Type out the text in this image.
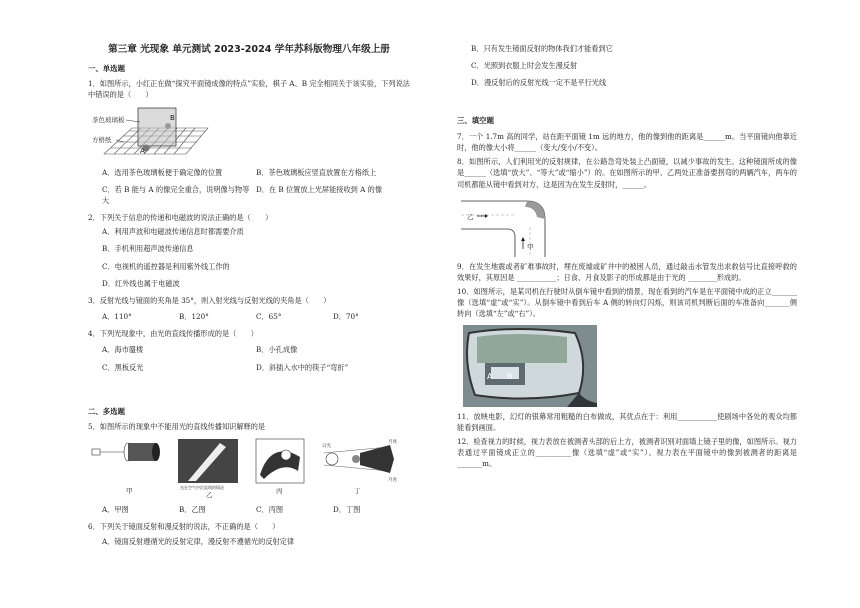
第三章 光现象 单元测试 2023-2024 学年苏科版物理八年级上册
一、单选题
1．如图所示，小红正在做“探究平面镜成像的特点”实验，棋子 A、B 完全相同关于该实验，下列说法中错误的是（　　）
A
B
茶色玻璃板
方格纸
A．选用茶色玻璃板便于确定像的位置	B．茶色玻璃板应竖直放置在方格纸上
C．若 B 能与 A 的像完全重合，说明像与物等大
D．在 B 位置放上光屏能接收到 A 的像
2．下列关于信息的传递和电磁波的说法正确的是（　　）
A．利用声波和电磁波传递信息时都需要介质
B．手机利用超声波传递信息
C．电视机的遥控器是利用紫外线工作的
D．红外线也属于电磁波
3．反射光线与镜面的夹角是 35°，则入射光线与反射光线的夹角是（　　）
A．110°	B．120°	C．65°	D．70°
4．下列光现象中，由光的直线传播形成的是（　　）
A．海市蜃楼	B．小孔成像
C．黑板反光	D．斜插入水中的筷子“弯折”
二、多选题
5．如图所示的现象中不能用光的直线传播知识解释的是
甲	光在空气中沿直线的情况
乙	丙
日光
月亮
月食
丁
A．甲图	B．乙图	C．丙图	D．丁图
6．下列关于镜面反射和漫反射的说法，不正确的是（　　）
A．镜面反射遵循光的反射定律，漫反射不遵循光的反射定律
B．只有发生镜面反射的物体我们才能看到它
C．光照到衣服上时会发生漫反射
D．漫反射后的反射光线一定不是平行光线
三、填空题
7．一个 1.7m 高的同学，站在距平面镜 1m 远的地方，他的像到他的距离是______m。当平面镜向他靠近时，他的像大小将______（变大/变小/不变）。
8．如图所示，人们利用光的反射规律，在公路急弯处装上凸面镜，以减少事故的发生。这种镜面所成的像是______（选填“放大”、“等大”或“缩小”）的。在如图所示的甲、乙两处正准备要拐弯的两辆汽车，两车的司机都能从镜中看到对方，这是因为在发生反射时，______。
乙
甲
9．在发生地震或者矿难事故时，埋在废墟或矿井中的被困人员，通过敲击水管发出求救信号比直接呼救的效果好，其原因是 ___________；日食、月食及影子的形成都是由于光的 ________形成的。
10．如图所示，是某司机在行驶时从倒车镜中看到的情景，现在看到的汽车是在平面镜中成的正立_______像（选填“虚”或“实”）。从倒车镜中看到后车 A 侧的转向灯闪烁，则该司机判断后面的车准备向_______侧转向（选填“左”或“右”）。
A B
11．放映电影，幻灯的银幕常用粗糙的白布做成，其优点在于：利用___________使剧场中各处的观众均都能看到画面。
12．检查视力的时候，视力表放在被测者头部的后上方，被测者识别对面墙上镜子里的像，如图所示。视力表通过平面镜成正立的__________像（选填“虚”或“实”）。视力表在平面镜中的像到被测者的距离是_______m。
